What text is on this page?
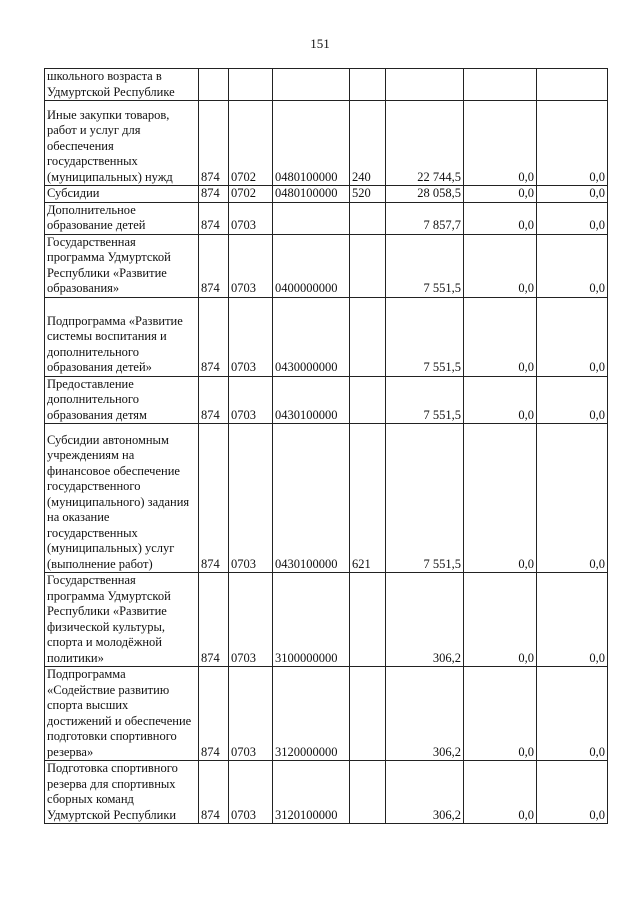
151
школьного возраста в Удмуртской Республике							
Иные закупки товаров, работ и услуг для обеспечения государственных (муниципальных) нужд	874	0702	0480100000	240	22 744,5	0,0	0,0
Субсидии	874	0702	0480100000	520	28 058,5	0,0	0,0
Дополнительное образование детей	874	0703			7 857,7	0,0	0,0
Государственная программа Удмуртской Республики «Развитие образования»	874	0703	0400000000		7 551,5	0,0	0,0
Подпрограмма «Развитие системы воспитания и дополнительного образования детей»	874	0703	0430000000		7 551,5	0,0	0,0
Предоставление дополнительного образования детям	874	0703	0430100000		7 551,5	0,0	0,0
Субсидии автономным учреждениям на финансовое обеспечение государственного (муниципального) задания на оказание государственных (муниципальных) услуг (выполнение работ)	874	0703	0430100000	621	7 551,5	0,0	0,0
Государственная программа Удмуртской Республики «Развитие физической культуры, спорта и молодёжной политики»	874	0703	3100000000		306,2	0,0	0,0
Подпрограмма «Содействие развитию спорта высших достижений и обеспечение подготовки спортивного резерва»	874	0703	3120000000		306,2	0,0	0,0
Подготовка спортивного резерва для спортивных сборных команд Удмуртской Республики	874	0703	3120100000		306,2	0,0	0,0
